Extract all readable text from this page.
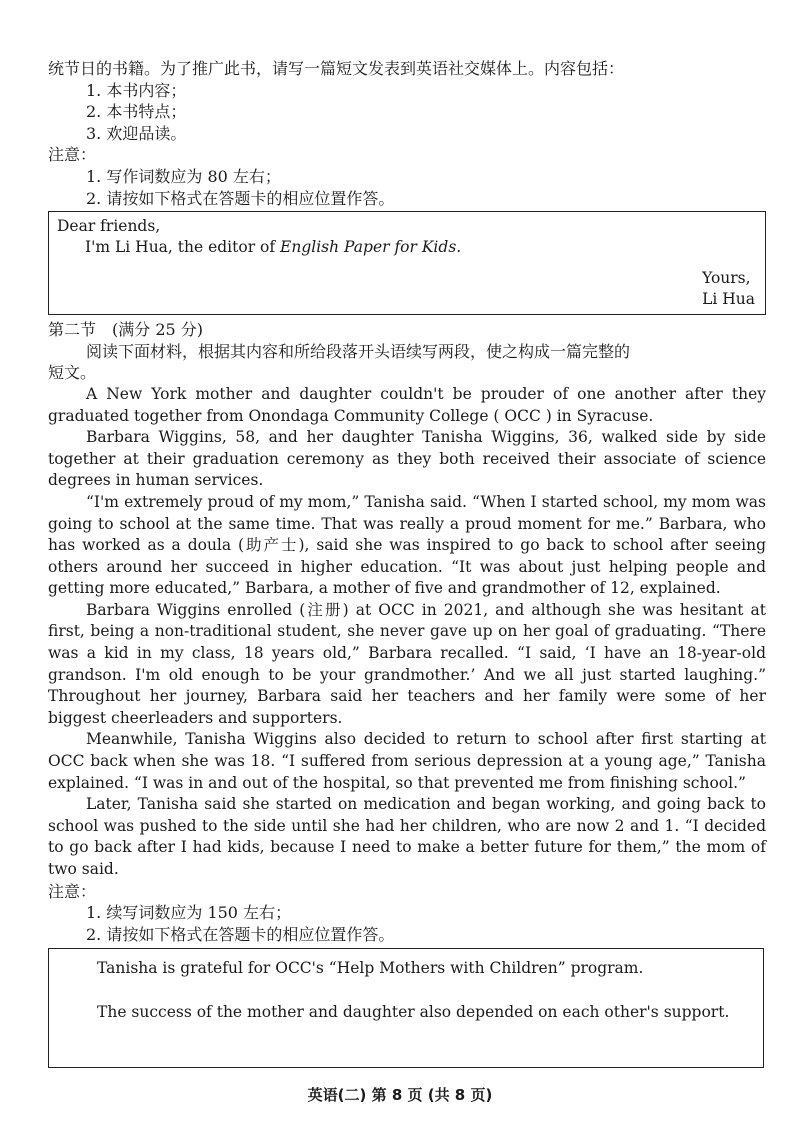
统节日的书籍。为了推广此书，请写一篇短文发表到英语社交媒体上。内容包括：
1. 本书内容；
2. 本书特点；
3. 欢迎品读。
注意：
1. 写作词数应为 80 左右；
2. 请按如下格式在答题卡的相应位置作答。
Dear friends,
I'm Li Hua, the editor of English Paper for Kids.
Yours,
Li Hua
第二节　(满分 25 分)
阅读下面材料，根据其内容和所给段落开头语续写两段，使之构成一篇完整的
短文。
A New York mother and daughter couldn't be prouder of one another after they graduated together from Onondaga Community College ( OCC ) in Syracuse.
Barbara Wiggins, 58, and her daughter Tanisha Wiggins, 36, walked side by side together at their graduation ceremony as they both received their associate of science degrees in human services.
“I'm extremely proud of my mom,” Tanisha said. “When I started school, my mom was going to school at the same time. That was really a proud moment for me.” Barbara, who has worked as a doula (助产士), said she was inspired to go back to school after seeing others around her succeed in higher education. “It was about just helping people and getting more educated,” Barbara, a mother of five and grandmother of 12, explained.
Barbara Wiggins enrolled (注册) at OCC in 2021, and although she was hesitant at first, being a non-traditional student, she never gave up on her goal of graduating. “There was a kid in my class, 18 years old,” Barbara recalled. “I said, ‘I have an 18-year-old grandson. I'm old enough to be your grandmother.’ And we all just started laughing.” Throughout her journey, Barbara said her teachers and her family were some of her biggest cheerleaders and supporters.
Meanwhile, Tanisha Wiggins also decided to return to school after first starting at OCC back when she was 18. “I suffered from serious depression at a young age,” Tanisha explained. “I was in and out of the hospital, so that prevented me from finishing school.”
Later, Tanisha said she started on medication and began working, and going back to school was pushed to the side until she had her children, who are now 2 and 1. “I decided to go back after I had kids, because I need to make a better future for them,” the mom of two said.
注意：
1. 续写词数应为 150 左右；
2. 请按如下格式在答题卡的相应位置作答。
Tanisha is grateful for OCC's “Help Mothers with Children” program.
The success of the mother and daughter also depended on each other's support.
英语(二) 第 8 页 (共 8 页)
